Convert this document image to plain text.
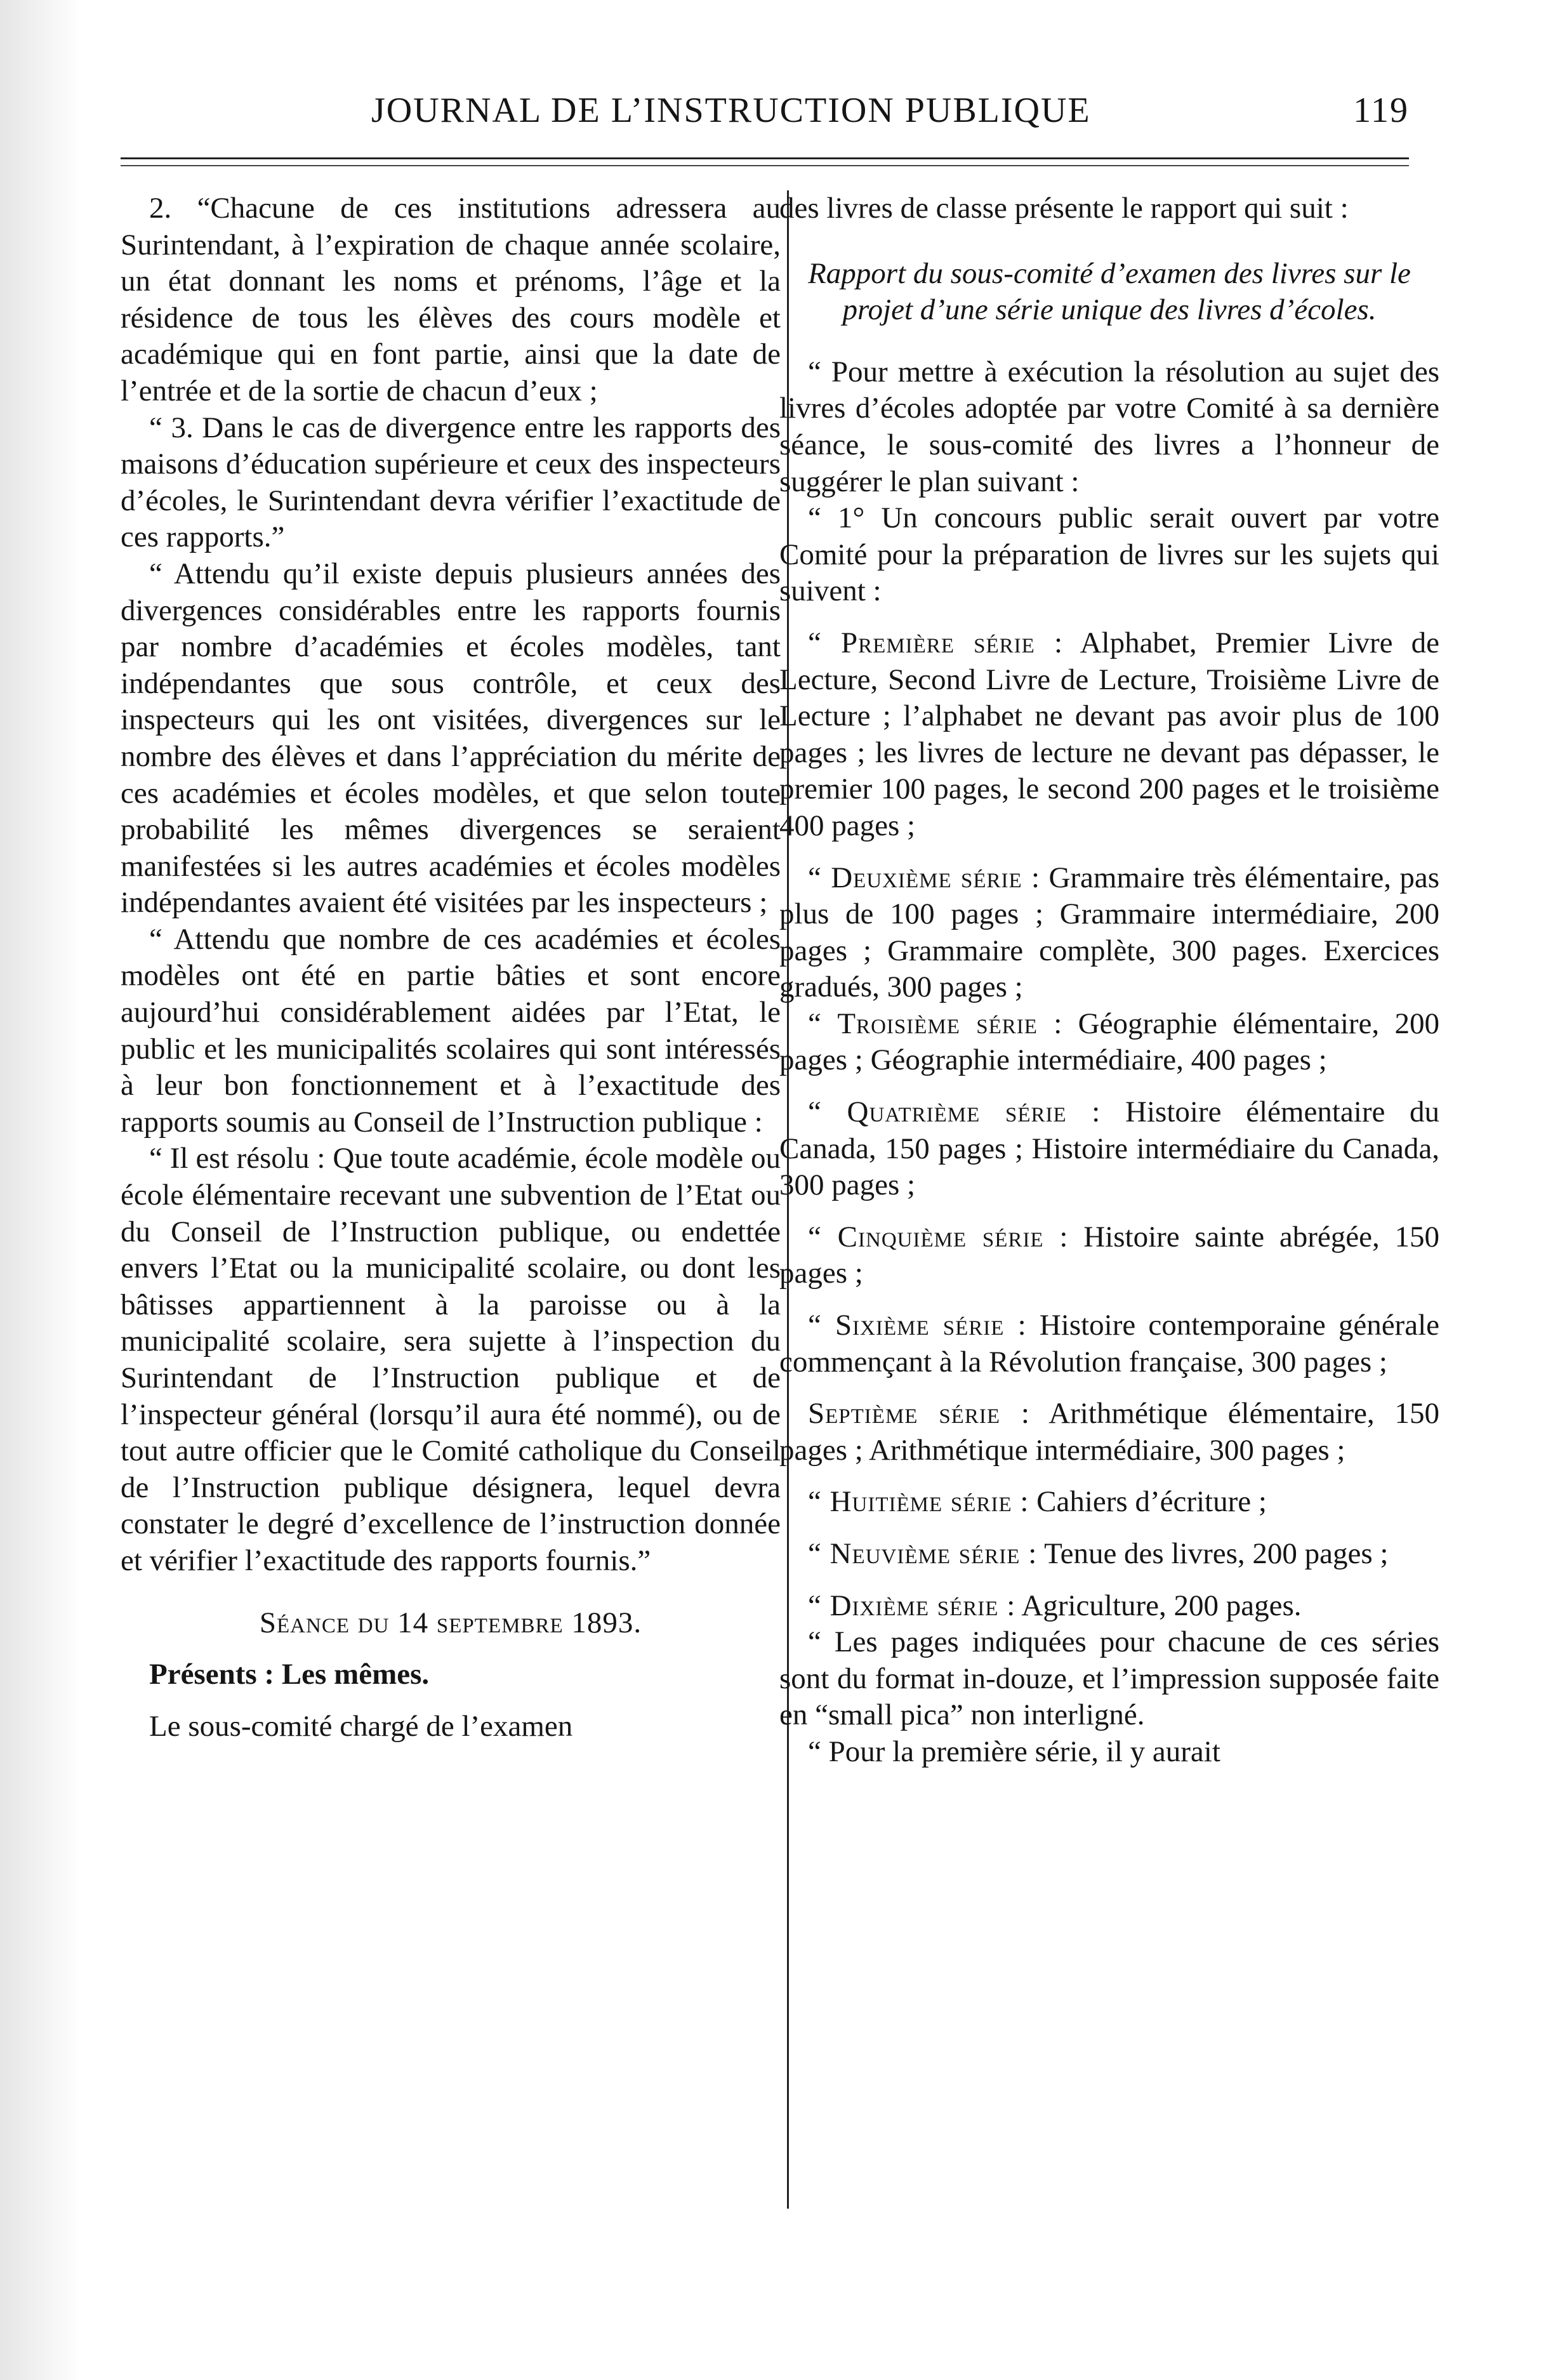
JOURNAL DE L’INSTRUCTION PUBLIQUE	119

2. “Chacune de ces institutions adressera au Surintendant, à l’expiration de chaque année scolaire, un état donnant les noms et prénoms, l’âge et la résidence de tous les élèves des cours modèle et académique qui en font partie, ainsi que la date de l’entrée et de la sortie de chacun d’eux ;

“ 3. Dans le cas de divergence entre les rapports des maisons d’éducation supérieure et ceux des inspecteurs d’écoles, le Surintendant devra vérifier l’exactitude de ces rapports.”

“ Attendu qu’il existe depuis plusieurs années des divergences considérables entre les rapports fournis par nombre d’académies et écoles modèles, tant indépendantes que sous contrôle, et ceux des inspecteurs qui les ont visitées, divergences sur le nombre des élèves et dans l’appréciation du mérite de ces académies et écoles modèles, et que selon toute probabilité les mêmes divergences se seraient manifestées si les autres académies et écoles modèles indépendantes avaient été visitées par les inspecteurs ;

“ Attendu que nombre de ces académies et écoles modèles ont été en partie bâties et sont encore aujourd’hui considérablement aidées par l’Etat, le public et les municipalités scolaires qui sont intéressés à leur bon fonctionnement et à l’exactitude des rapports soumis au Conseil de l’Instruction publique :

“ Il est résolu : Que toute académie, école modèle ou école élémentaire recevant une subvention de l’Etat ou du Conseil de l’Instruction publique, ou endettée envers l’Etat ou la municipalité scolaire, ou dont les bâtisses appartiennent à la paroisse ou à la municipalité scolaire, sera sujette à l’inspection du Surintendant de l’Instruction publique et de l’inspecteur général (lorsqu’il aura été nommé), ou de tout autre officier que le Comité catholique du Conseil de l’Instruction publique désignera, lequel devra constater le degré d’excellence de l’instruction donnée et vérifier l’exactitude des rapports fournis.”

Séance du 14 septembre 1893.

Présents : Les mêmes.

Le sous-comité chargé de l’examen

des livres de classe présente le rapport qui suit :

Rapport du sous-comité d’examen des livres sur le projet d’une série unique des livres d’écoles.

“ Pour mettre à exécution la résolution au sujet des livres d’écoles adoptée par votre Comité à sa dernière séance, le sous-comité des livres a l’honneur de suggérer le plan suivant :

“ 1° Un concours public serait ouvert par votre Comité pour la préparation de livres sur les sujets qui suivent :

“ Première série : Alphabet, Premier Livre de Lecture, Second Livre de Lecture, Troisième Livre de Lecture ; l’alphabet ne devant pas avoir plus de 100 pages ; les livres de lecture ne devant pas dépasser, le premier 100 pages, le second 200 pages et le troisième 400 pages ;

“ Deuxième série : Grammaire très élémentaire, pas plus de 100 pages ; Grammaire intermédiaire, 200 pages ; Grammaire complète, 300 pages. Exercices gradués, 300 pages ;

“ Troisième série : Géographie élémentaire, 200 pages ; Géographie intermédiaire, 400 pages ;

“ Quatrième série : Histoire élémentaire du Canada, 150 pages ; Histoire intermédiaire du Canada, 300 pages ;

“ Cinquième série : Histoire sainte abrégée, 150 pages ;

“ Sixième série : Histoire contemporaine générale commençant à la Révolution française, 300 pages ;

Septième série : Arithmétique élémentaire, 150 pages ; Arithmétique intermédiaire, 300 pages ;

“ Huitième série : Cahiers d’écriture ;

“ Neuvième série : Tenue des livres, 200 pages ;

“ Dixième série : Agriculture, 200 pages.

“ Les pages indiquées pour chacune de ces séries sont du format in-douze, et l’impression supposée faite en “small pica” non interligné.

“ Pour la première série, il y aurait
